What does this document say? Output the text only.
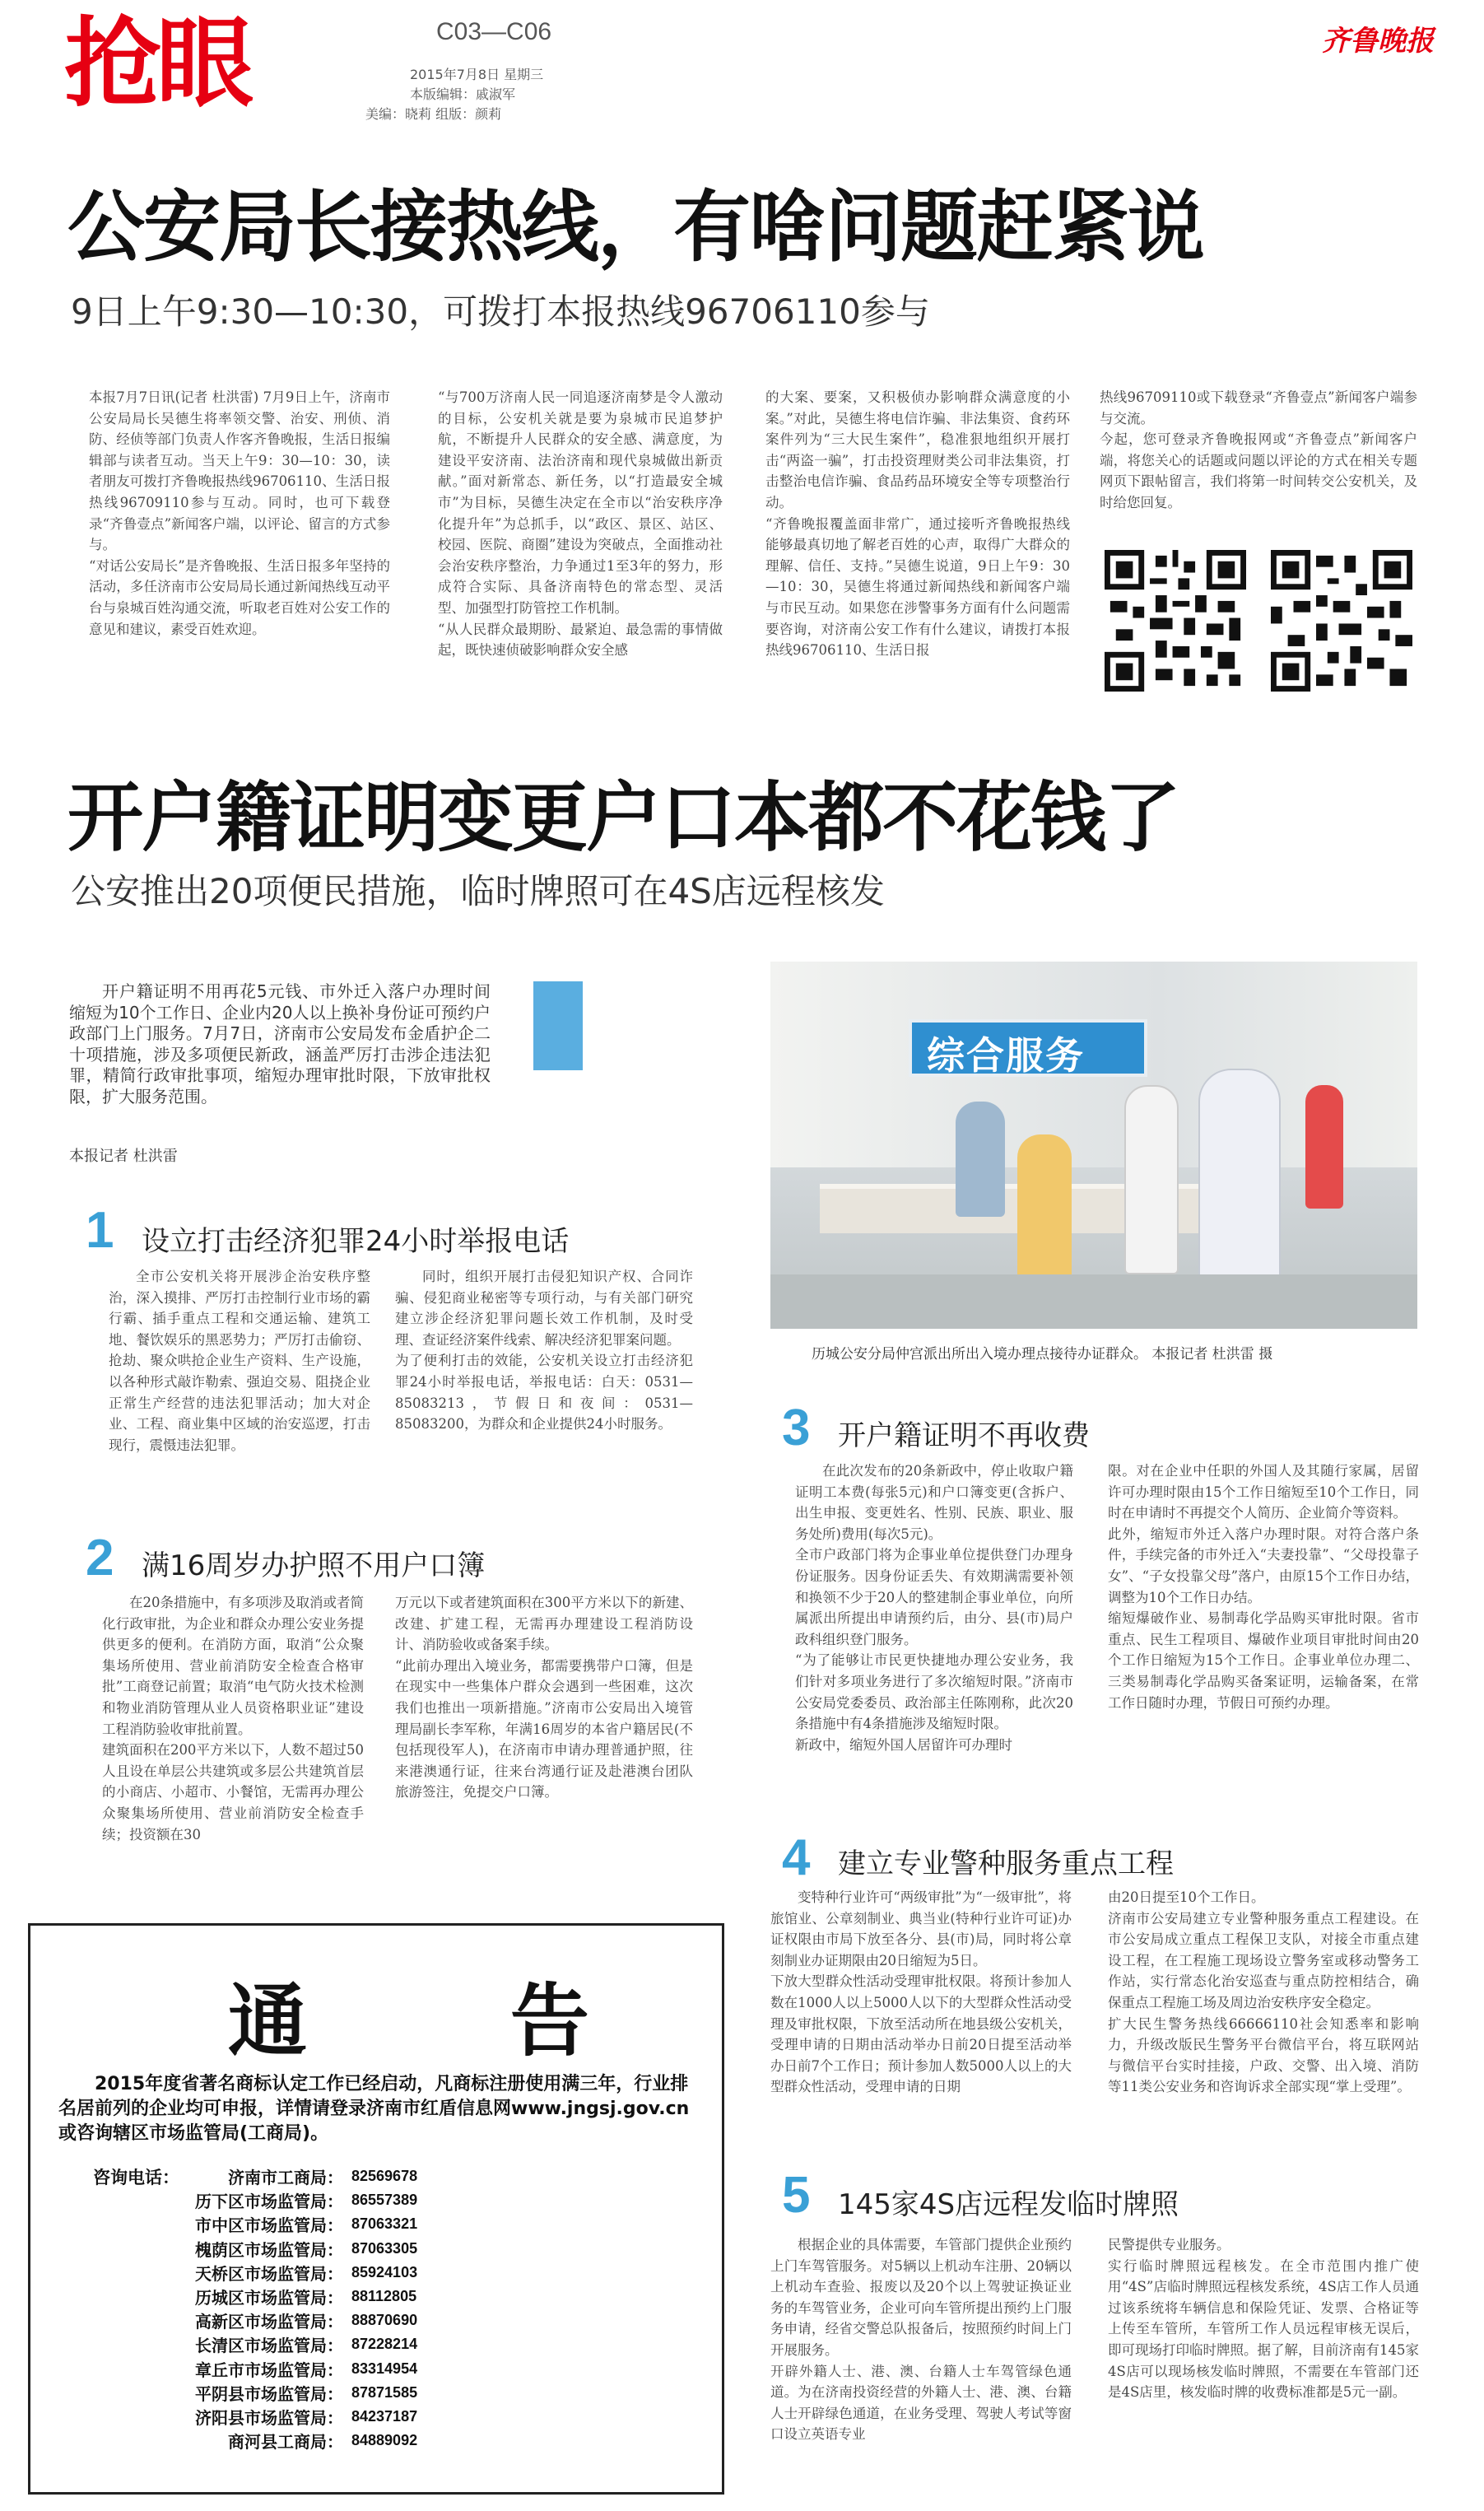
抢眼	C03—C06
2015年7月8日 星期三
本版编辑：戚淑军
美编：晓莉 组版：颜莉
齐鲁晚报
公安局长接热线，有啥问题赶紧说
9日上午9:30—10:30，可拨打本报热线96706110参与

本报7月7日讯(记者 杜洪雷) 7月9日上午，济南市公安局局长吴德生将率领交警、治安、刑侦、消防、经侦等部门负责人作客齐鲁晚报，生活日报编辑部与读者互动。当天上午9：30—10：30，读者朋友可拨打齐鲁晚报热线96706110、生活日报热线96709110参与互动。同时，也可下载登录“齐鲁壹点”新闻客户端，以评论、留言的方式参与。
“对话公安局长”是齐鲁晚报、生活日报多年坚持的活动，多任济南市公安局局长通过新闻热线互动平台与泉城百姓沟通交流，听取老百姓对公安工作的意见和建议，素受百姓欢迎。

“与700万济南人民一同追逐济南梦是令人激动的目标，公安机关就是要为泉城市民追梦护航，不断提升人民群众的安全感、满意度，为建设平安济南、法治济南和现代泉城做出新贡献。”面对新常态、新任务，以“打造最安全城市”为目标，吴德生决定在全市以“治安秩序净化提升年”为总抓手，以“政区、景区、站区、校园、医院、商圈”建设为突破点，全面推动社会治安秩序整治，力争通过1至3年的努力，形成符合实际、具备济南特色的常态型、灵活型、加强型打防管控工作机制。
“从人民群众最期盼、最紧迫、最急需的事情做起，既快速侦破影响群众安全感

的大案、要案，又积极侦办影响群众满意度的小案。”对此，吴德生将电信诈骗、非法集资、食药环案件列为“三大民生案件”，稳准狠地组织开展打击“两盗一骗”，打击投资理财类公司非法集资，打击整治电信诈骗、食品药品环境安全等专项整治行动。
“齐鲁晚报覆盖面非常广，通过接听齐鲁晚报热线能够最真切地了解老百姓的心声，取得广大群众的理解、信任、支持。”吴德生说道，9日上午9：30—10：30，吴德生将通过新闻热线和新闻客户端与市民互动。如果您在涉警事务方面有什么问题需要咨询，对济南公安工作有什么建议，请拨打本报热线96706110、生活日报

热线96709110或下载登录“齐鲁壹点”新闻客户端参与交流。
今起，您可登录齐鲁晚报网或“齐鲁壹点”新闻客户端，将您关心的话题或问题以评论的方式在相关专题网页下跟帖留言，我们将第一时间转交公安机关，及时给您回复。

开户籍证明变更户口本都不花钱了
公安推出20项便民措施，临时牌照可在4S店远程核发
开户籍证明不用再花5元钱、市外迁入落户办理时间缩短为10个工作日、企业内20人以上换补身份证可预约户政部门上门服务。7月7日，济南市公安局发布金盾护企二十项措施，涉及多项便民新政，涵盖严厉打击涉企违法犯罪，精简行政审批事项，缩短办理审批时限，下放审批权限，扩大服务范围。
本报记者 杜洪雷
综合服务
历城公安分局仲宫派出所出入境办理点接待办证群众。 本报记者 杜洪雷 摄
1 设立打击经济犯罪24小时举报电话

全市公安机关将开展涉企治安秩序整治，深入摸排、严厉打击控制行业市场的霸行霸、插手重点工程和交通运输、建筑工地、餐饮娱乐的黑恶势力；严厉打击偷窃、抢劫、聚众哄抢企业生产资料、生产设施，以各种形式敲诈勒索、强迫交易、阻挠企业正常生产经营的违法犯罪活动；加大对企业、工程、商业集中区域的治安巡逻，打击现行，震慑违法犯罪。

同时，组织开展打击侵犯知识产权、合同诈骗、侵犯商业秘密等专项行动，与有关部门研究建立涉企经济犯罪问题长效工作机制，及时受理、查证经济案件线索、解决经济犯罪案问题。
为了便利打击的效能，公安机关设立打击经济犯罪24小时举报电话，举报电话：白天：0531—85083213，节假日和夜间：0531—85083200，为群众和企业提供24小时服务。

2 满16周岁办护照不用户口簿

在20条措施中，有多项涉及取消或者简化行政审批，为企业和群众办理公安业务提供更多的便利。在消防方面，取消“公众聚集场所使用、营业前消防安全检查合格审批”工商登记前置；取消“电气防火技术检测和物业消防管理从业人员资格职业证”建设工程消防验收审批前置。
建筑面积在200平方米以下，人数不超过50人且设在单层公共建筑或多层公共建筑首层的小商店、小超市、小餐馆，无需再办理公众聚集场所使用、营业前消防安全检查手续；投资额在30

万元以下或者建筑面积在300平方米以下的新建、改建、扩建工程，无需再办理建设工程消防设计、消防验收或备案手续。
“此前办理出入境业务，都需要携带户口簿，但是在现实中一些集体户群众会遇到一些困难，这次我们也推出一项新措施。”济南市公安局出入境管理局副长李军称，年满16周岁的本省户籍居民(不包括现役军人)，在济南市申请办理普通护照，往来港澳通行证，往来台湾通行证及赴港澳台团队旅游签注，免提交户口簿。

3 开户籍证明不再收费

在此次发布的20条新政中，停止收取户籍证明工本费(每张5元)和户口簿变更(含拆户、出生申报、变更姓名、性别、民族、职业、服务处所)费用(每次5元)。
全市户政部门将为企事业单位提供登门办理身份证服务。因身份证丢失、有效期满需要补领和换领不少于20人的整建制企事业单位，向所属派出所提出申请预约后，由分、县(市)局户政科组织登门服务。
“为了能够让市民更快捷地办理公安业务，我们针对多项业务进行了多次缩短时限。”济南市公安局党委委员、政治部主任陈刚称，此次20条措施中有4条措施涉及缩短时限。
新政中，缩短外国人居留许可办理时

限。对在企业中任职的外国人及其随行家属，居留许可办理时限由15个工作日缩短至10个工作日，同时在申请时不再提交个人简历、企业简介等资料。
此外，缩短市外迁入落户办理时限。对符合落户条件，手续完备的市外迁入“夫妻投靠”、“父母投靠子女”、“子女投靠父母”落户，由原15个工作日办结，调整为10个工作日办结。
缩短爆破作业、易制毒化学品购买审批时限。省市重点、民生工程项目、爆破作业项目审批时间由20个工作日缩短为15个工作日。企事业单位办理二、三类易制毒化学品购买备案证明，运输备案，在常工作日随时办理，节假日可预约办理。

4 建立专业警种服务重点工程

变特种行业许可“两级审批”为“一级审批”，将旅馆业、公章刻制业、典当业(特种行业许可证)办证权限由市局下放至各分、县(市)局，同时将公章刻制业办证期限由20日缩短为5日。
下放大型群众性活动受理审批权限。将预计参加人数在1000人以上5000人以下的大型群众性活动受理及审批权限，下放至活动所在地县级公安机关，受理申请的日期由活动举办日前20日提至活动举办日前7个工作日；预计参加人数5000人以上的大型群众性活动，受理申请的日期

由20日提至10个工作日。
济南市公安局建立专业警种服务重点工程建设。在市公安局成立重点工程保卫支队，对接全市重点建设工程，在工程施工现场设立警务室或移动警务工作站，实行常态化治安巡查与重点防控相结合，确保重点工程施工场及周边治安秩序安全稳定。
扩大民生警务热线66666110社会知悉率和影响力，升级改版民生警务平台微信平台，将互联网站与微信平台实时挂接，户政、交警、出入境、消防等11类公安业务和咨询诉求全部实现“掌上受理”。

5 145家4S店远程发临时牌照

根据企业的具体需要，车管部门提供企业预约上门车驾管服务。对5辆以上机动车注册、20辆以上机动车查验、报废以及20个以上驾驶证换证业务的车驾管业务，企业可向车管所提出预约上门服务申请，经省交警总队报备后，按照预约时间上门开展服务。
开辟外籍人士、港、澳、台籍人士车驾管绿色通道。为在济南投资经营的外籍人士、港、澳、台籍人士开辟绿色通道，在业务受理、驾驶人考试等窗口设立英语专业

民警提供专业服务。
实行临时牌照远程核发。在全市范围内推广使用“4S”店临时牌照远程核发系统，4S店工作人员通过该系统将车辆信息和保险凭证、发票、合格证等上传至车管所，车管所工作人员远程审核无误后，即可现场打印临时牌照。据了解，目前济南有145家4S店可以现场核发临时牌照，不需要在车管部门还是4S店里，核发临时牌的收费标准都是5元一副。

通  告
2015年度省著名商标认定工作已经启动，凡商标注册使用满三年，行业排名居前列的企业均可申报，详情请登录济南市红盾信息网www.jngsj.gov.cn或咨询辖区市场监管局(工商局)。
咨询电话：	济南市工商局： 82569678
历下区市场监管局： 86557389
市中区市场监管局： 87063321
槐荫区市场监管局： 87063305
天桥区市场监管局： 85924103
历城区市场监管局： 88112805
高新区市场监管局： 88870690
长清区市场监管局： 87228214
章丘市市场监管局： 83314954
平阴县市场监管局： 87871585
济阳县市场监管局： 84237187
商河县工商局： 84889092
